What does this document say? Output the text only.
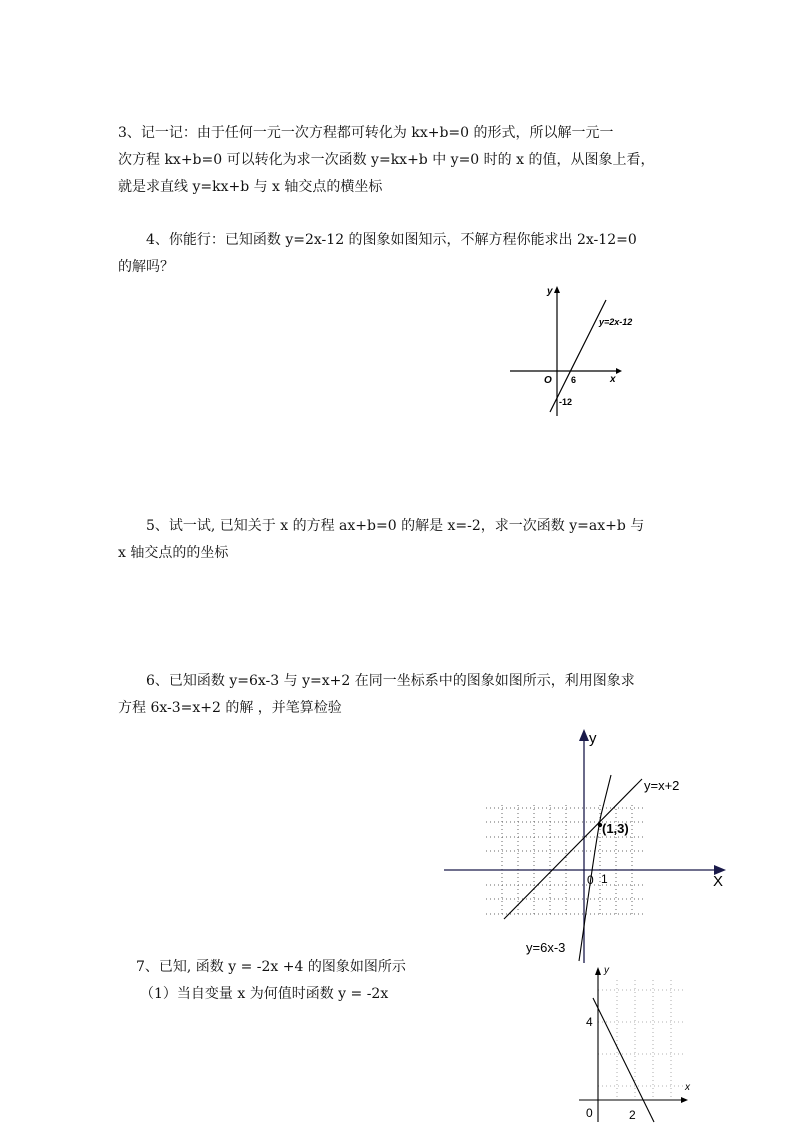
3、记一记：由于任何一元一次方程都可转化为 kx+b=0 的形式，所以解一元一
次方程 kx+b=0 可以转化为求一次函数 y=kx+b 中 y=0 时的 x 的值，从图象上看，
就是求直线 y=kx+b 与 x 轴交点的横坐标
4、你能行：已知函数 y=2x-12 的图象如图知示，不解方程你能求出 2x-12=0
的解吗？
y
x
O
y=2x-12
6
-12
5、试一试, 已知关于 x 的方程 ax+b=0 的解是 x=-2，求一次函数 y=ax+b 与
x 轴交点的的坐标
6、已知函数 y=6x-3 与 y=x+2 在同一坐标系中的图象如图所示，利用图象求
方程 6x-3=x+2 的解 ，并笔算检验
y
X
y=x+2
y=6x-3
(1,3)
0 1
7、已知, 函数 y = -2x +4 的图象如图所示
（1）当自变量 x 为何值时函数 y = -2x
y
x
4
2
0
